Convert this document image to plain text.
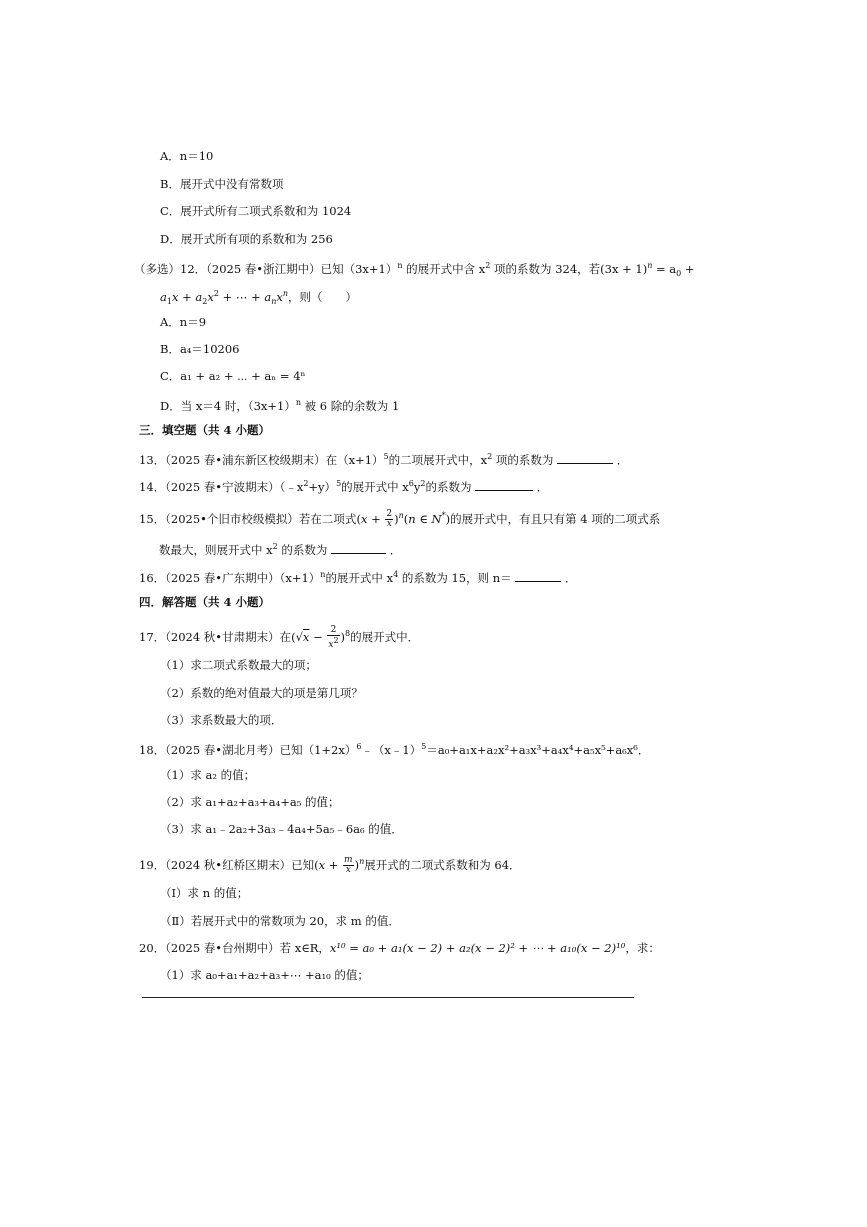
A．n＝10
B．展开式中没有常数项
C．展开式所有二项式系数和为 1024
D．展开式所有项的系数和为 256
（多选）12．（2025 春•浙江期中）已知$(3x+1)^n$ 的展开式中含 $x^2$ 项的系数为 324，若$(3x + 1)^n = a_0$ +
$a_1x + a_2x^2$ + ⋯ + $a_nx^n$，则（　　）
A．n＝9
B．a₄＝10206
C．a₁ + a₂ + ⋯ + aₙ = 4ⁿ
D．当 x＝4 时，$(3x+1)^n$ 被 6 除的余数为 1
三．填空题（共 4 小题）
13．（2025 春•浦东新区校级期末）在$(x+1)^5$的二项展开式中，$x^2$ 项的系数为	．
14．（2025 春•宁波期末）$(﹣x^2+y)^5$的展开式中 $x^6y^2$的系数为	．
15．（2025•个旧市校级模拟）若在二项式$(x + \frac{2}{x} )^n(n$ ∈ N*)的展开式中，有且只有第 4 项的二项式系
数最大，则展开式中 $x^2$ 的系数为	．
16．（2025 春•广东期中）$(x+1)^n$的展开式中 $x^4$ 的系数为 15，则 n＝	．
四．解答题（共 4 小题）
17．（2024 秋•甘肃期末）在$(√x - \frac{2}{x^2} )^8$的展开式中．
（1）求二项式系数最大的项；
（2）系数的绝对值最大的项是第几项？
（3）求系数最大的项．
18．（2025 春•湖北月考）已知$(1+2x)^6﹣(x﹣1)^5=a_0+a_1x+a_2x^2+a_3x^3+a_4x^4+a_5x^5+a_6x^6$．
（1）求 a₂ 的值；
（2）求 a₁+a₂+a₃+a₄+a₅ 的值；
（3）求 a₁﹣2a₂+3a₃﹣4a₄+5a₅﹣6a₆ 的值．
19．（2024 秋•红桥区期末）已知$(x + \frac{m}{x} )^n$展开式的二项式系数和为 64．
（Ⅰ）求 n 的值；
（Ⅱ）若展开式中的常数项为 20，求 m 的值．
20．（2025 春•台州期中）若 x∈R，x¹⁰ = a₀ + a₁(x − 2) + a₂(x − 2)² + ⋯ + a₁₀(x − 2)¹⁰，求：
（1）求 a₀+a₁+a₂+a₃+⋯ +a₁₀ 的值；
